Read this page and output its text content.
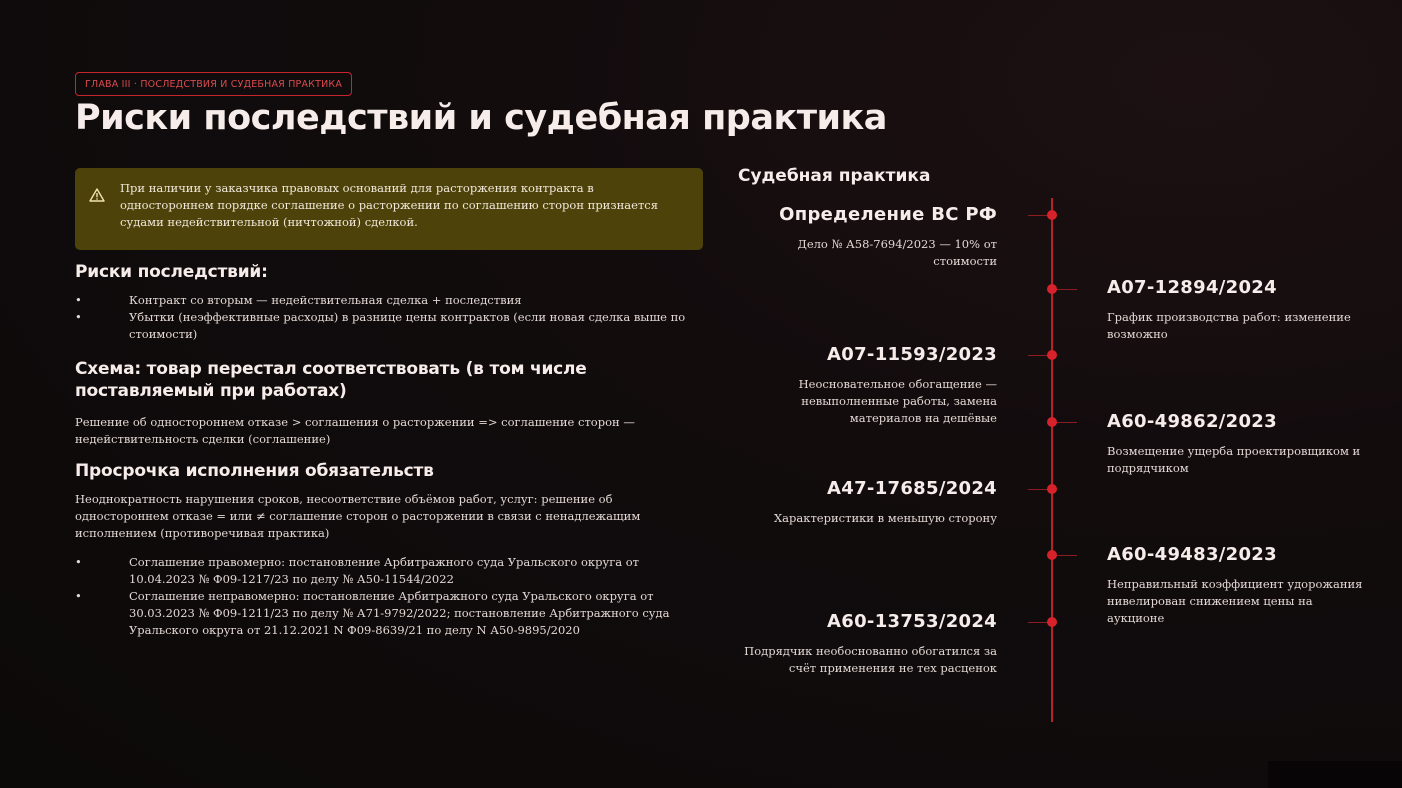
ГЛАВА III · ПОСЛЕДСТВИЯ И СУДЕБНАЯ ПРАКТИКА
Риски последствий и судебная практика
При наличии у заказчика правовых оснований для расторжения контракта в одностороннем порядке соглашение о расторжении по соглашению сторон признается судами недействительной (ничтожной) сделкой.
Риски последствий:
• Контракт со вторым — недействительная сделка + последствия
• Убытки (неэффективные расходы) в разнице цены контрактов (если новая сделка выше по стоимости)
Схема: товар перестал соответствовать (в том числе поставляемый при работах)
Решение об одностороннем отказе > соглашения о расторжении => соглашение сторон — недействительность сделки (соглашение)
Просрочка исполнения обязательств
Неоднократность нарушения сроков, несоответствие объёмов работ, услуг: решение об одностороннем отказе = или ≠ соглашение сторон о расторжении в связи с ненадлежащим исполнением (противоречивая практика)
• Соглашение правомерно: постановление Арбитражного суда Уральского округа от 10.04.2023 № Ф09-1217/23 по делу № А50-11544/2022
• Соглашение неправомерно: постановление Арбитражного суда Уральского округа от 30.03.2023 № Ф09-1211/23 по делу № А71-9792/2022; постановление Арбитражного суда Уральского округа от 21.12.2021 N Ф09-8639/21 по делу N А50-9895/2020
Судебная практика
Определение ВС РФ
Дело № А58-7694/2023 — 10% от стоимости
А07-12894/2024
График производства работ: изменение возможно
А07-11593/2023
Неосновательное обогащение — невыполненные работы, замена материалов на дешёвые	А60-49862/2023
Возмещение ущерба проектировщиком и подрядчиком
А47-17685/2024
Характеристики в меньшую сторону
А60-49483/2023
Неправильный коэффициент удорожания нивелирован снижением цены на аукционе
А60-13753/2024
Подрядчик необоснованно обогатился за счёт применения не тех расценок
